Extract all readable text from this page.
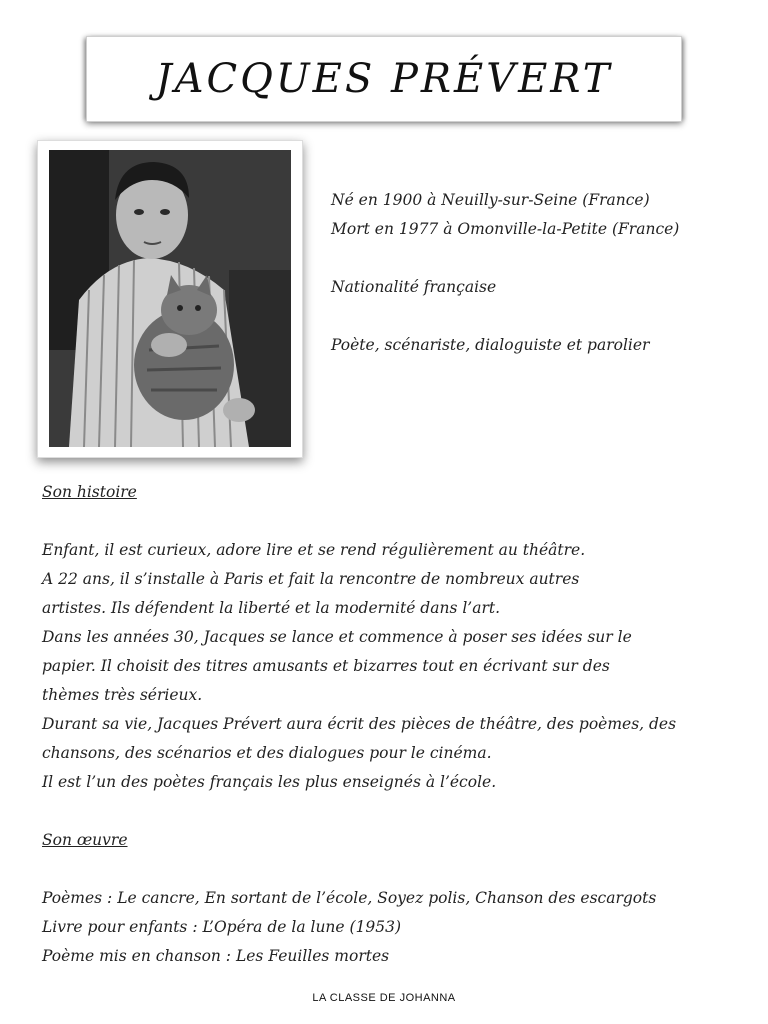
JACQUES PRÉVERT

Né en 1900 à Neuilly-sur-Seine (France)

Mort en 1977 à Omonville-la-Petite (France)

Nationalité française

Poète, scénariste, dialoguiste et parolier

Son histoire

Enfant, il est curieux, adore lire et se rend régulièrement au théâtre.

A 22 ans, il s’installe à Paris et fait la rencontre de nombreux autres

artistes. Ils défendent la liberté et la modernité dans l’art.

Dans les années 30, Jacques se lance et commence à poser ses idées sur le

papier. Il choisit des titres amusants et bizarres tout en écrivant sur des

thèmes très sérieux.

Durant sa vie, Jacques Prévert aura écrit des pièces de théâtre, des poèmes, des

chansons, des scénarios et des dialogues pour le cinéma.

Il est l’un des poètes français les plus enseignés à l’école.

Son œuvre

Poèmes : Le cancre, En sortant de l’école, Soyez polis, Chanson des escargots

Livre pour enfants : L’Opéra de la lune (1953)

Poème mis en chanson : Les Feuilles mortes

LA CLASSE DE JOHANNA
